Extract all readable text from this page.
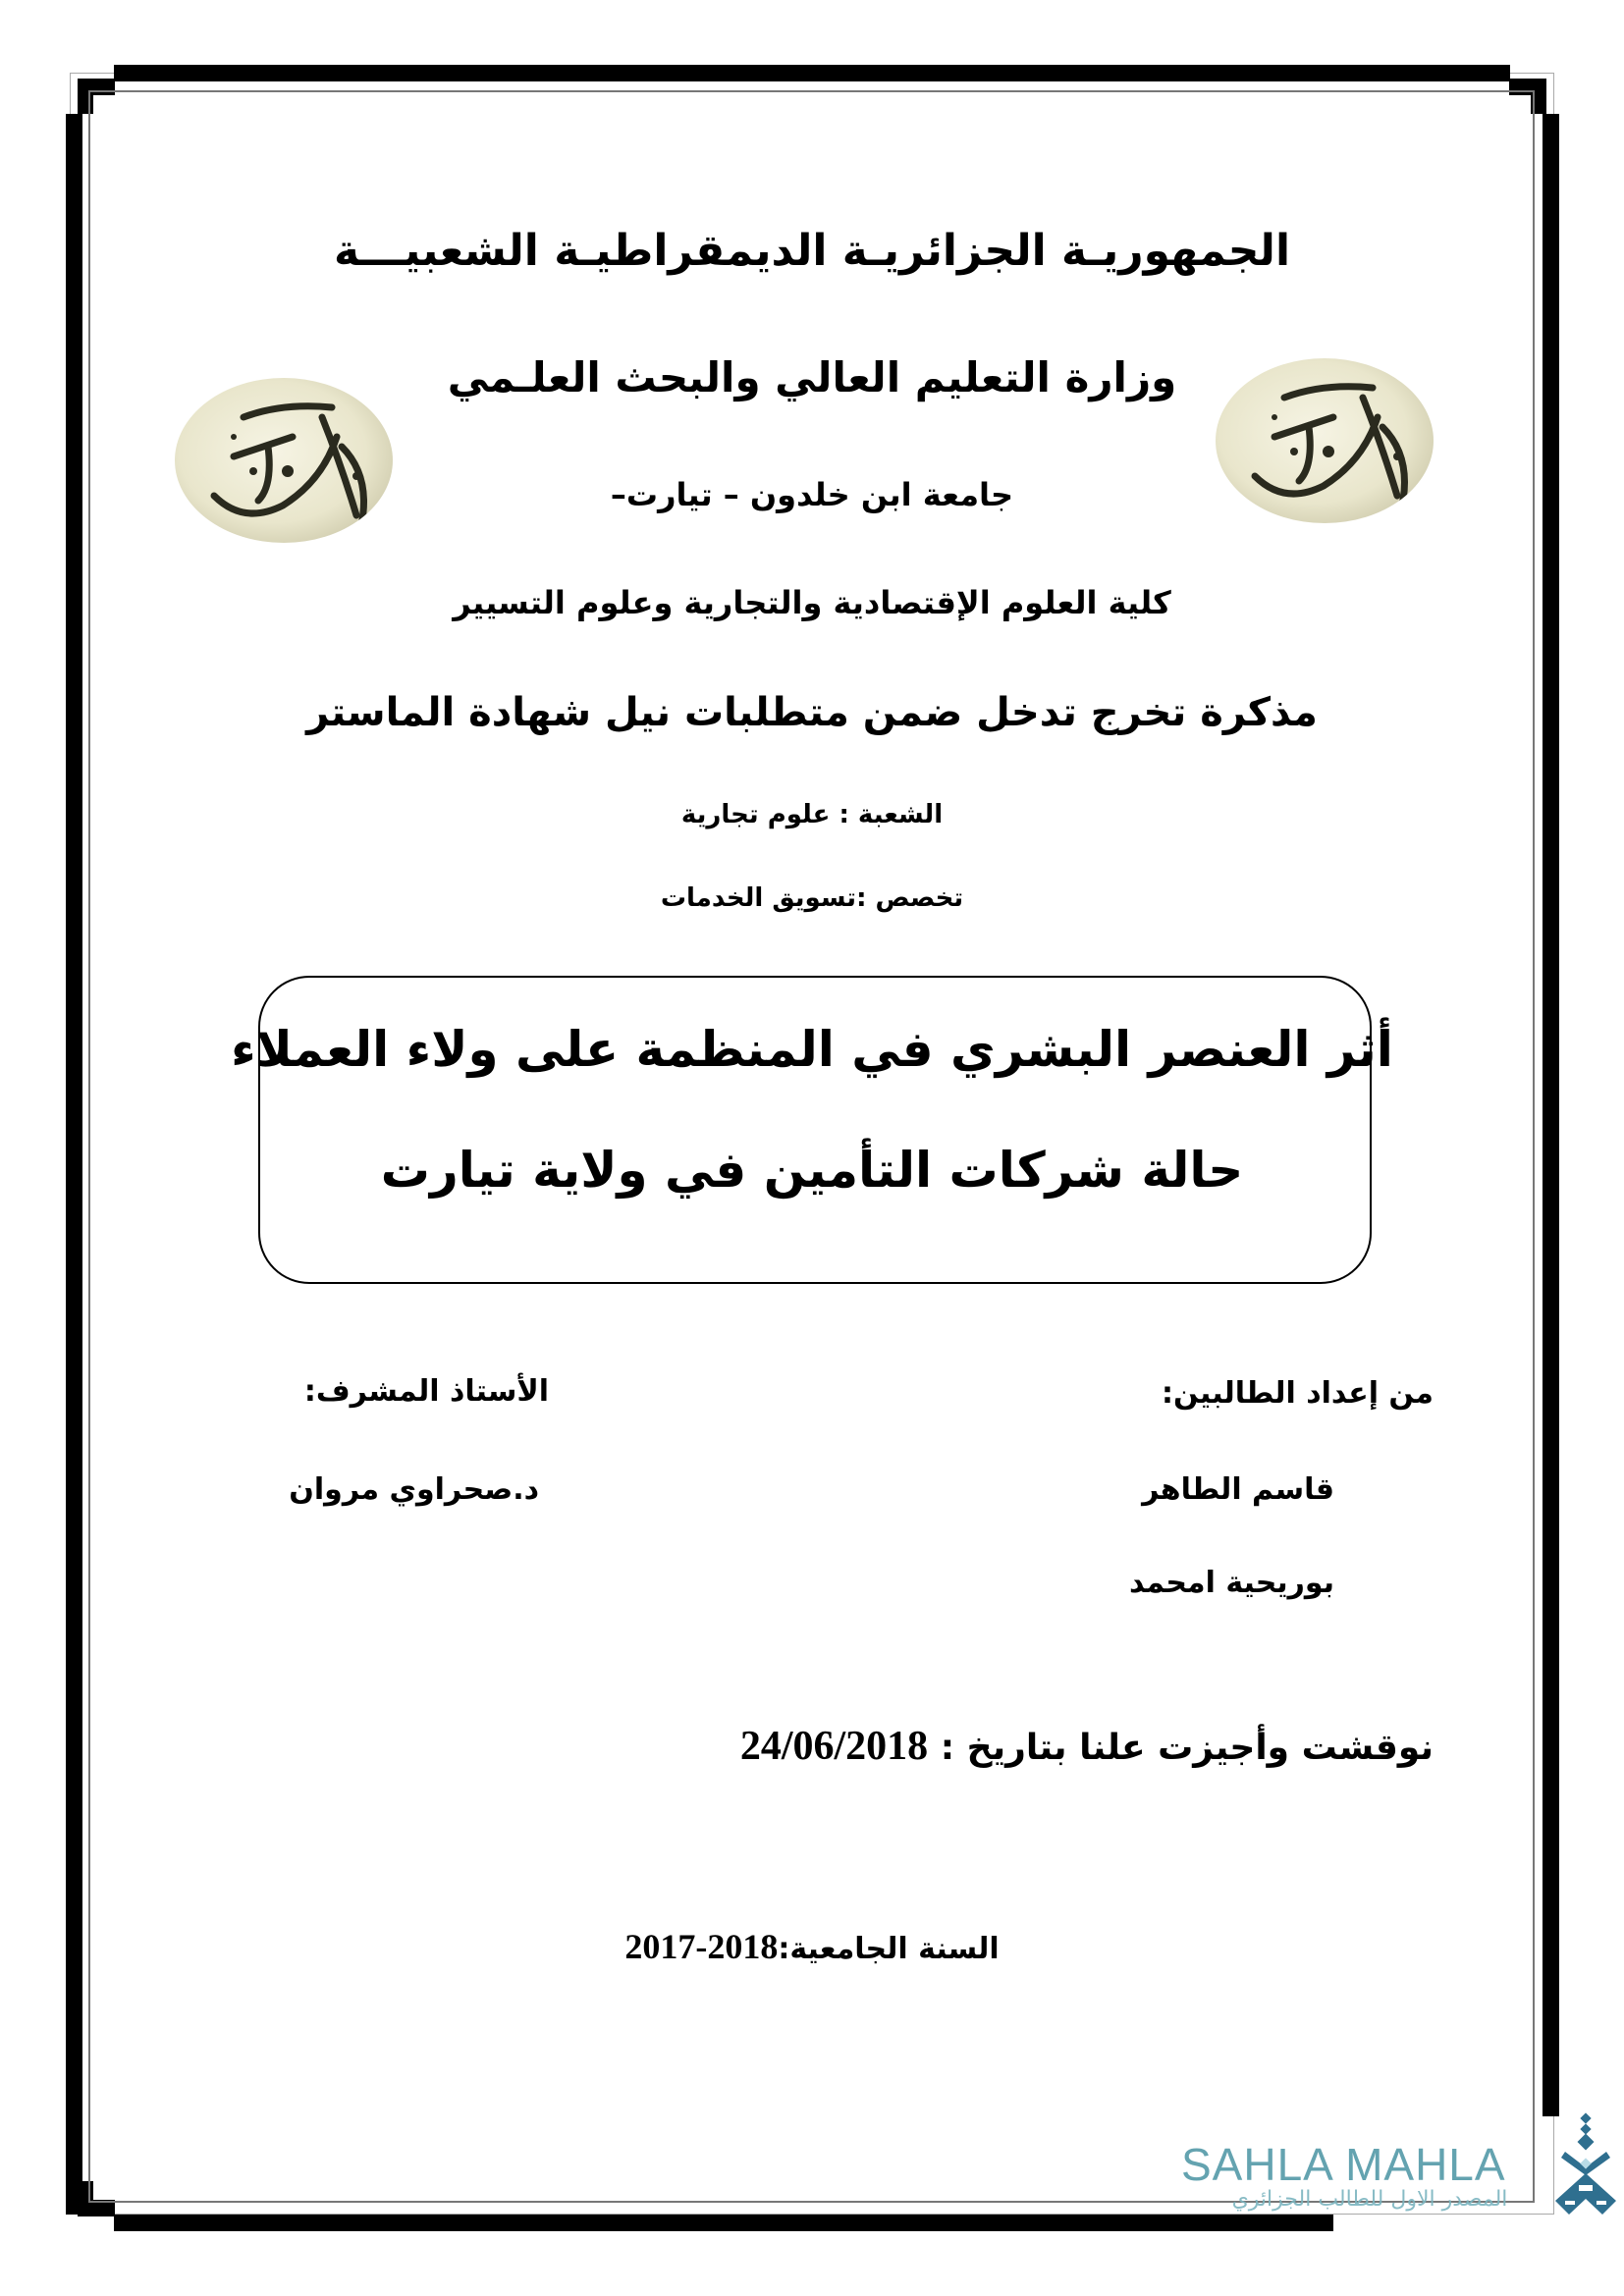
الجمهوريـة الجزائريـة الديمقراطيـة الشعبيـــة
وزارة التعليم العالي والبحث العلـمي
جامعة ابن خلدون – تيارت–
كلية العلوم الإقتصادية والتجارية وعلوم التسيير
مذكرة تخرج تدخل ضمن متطلبات نيل شهادة الماستر
الشعبة : علوم تجارية
تخصص :تسويق الخدمات
أثر العنصر البشري في المنظمة على ولاء العملاء
حالة شركات التأمين في ولاية تيارت
الأستاذ المشرف:
د.صحراوي مروان
من إعداد الطالبين:
قاسم الطاهر
بوريحية امحمد
نوقشت وأجيزت علنا بتاريخ : 24/06/2018
السنة الجامعية:2017-2018
SAHLA MAHLA
المصدر الاول للطالب الجزائري
